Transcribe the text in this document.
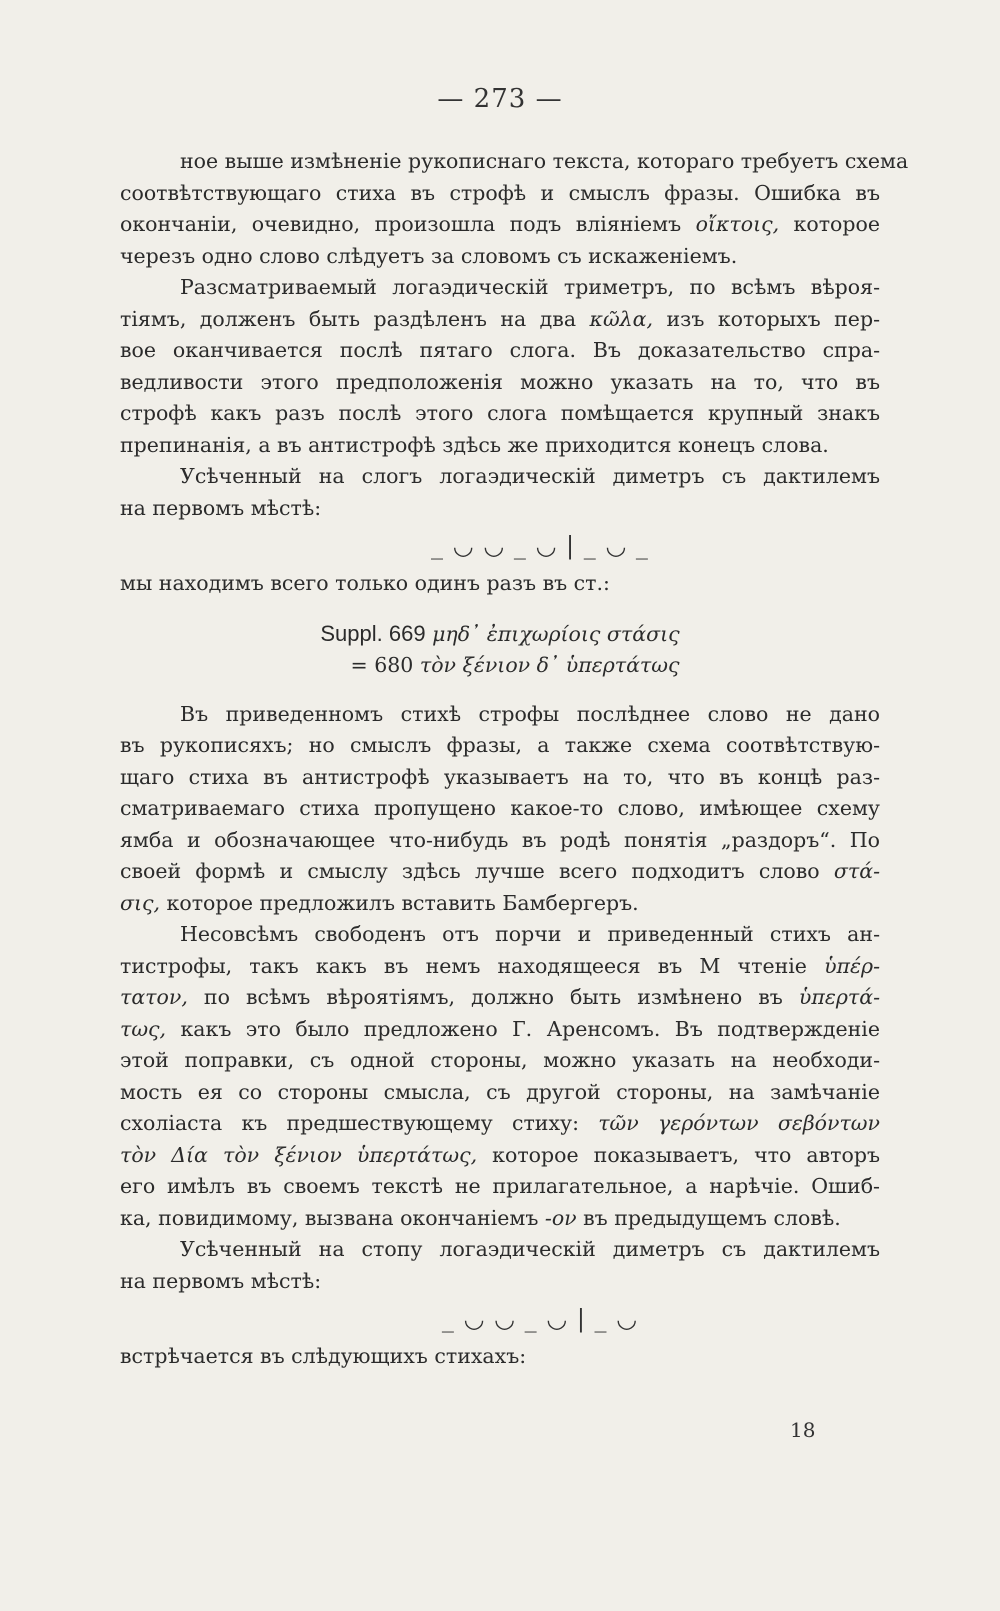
— 273 —
ное выше измѣненіе рукописнаго текста, котораго требуетъ схема
соотвѣтствующаго стиха въ строфѣ и смыслъ фразы. Ошибка въ
окончаніи, очевидно, произошла подъ вліяніемъ οἴκτοις, которое
черезъ одно слово слѣдуетъ за словомъ съ искаженіемъ.
Разсматриваемый логаэдическій триметръ, по всѣмъ вѣроя-
тіямъ, долженъ быть раздѣленъ на два κῶλα, изъ которыхъ пер-
вое оканчивается послѣ пятаго слога. Въ доказательство спра-
ведливости этого предположенія можно указать на то, что въ
строфѣ какъ разъ послѣ этого слога помѣщается крупный знакъ
препинанія, а въ антистрофѣ здѣсь же приходится конецъ слова.
Усѣченный на слогъ логаэдическій диметръ съ дактилемъ
на первомъ мѣстѣ:
_ ◡ ◡ _ ◡ | _ ◡ _
мы находимъ всего только одинъ разъ въ ст.:
Suppl. 669 μηδ᾽ ἐπιχωρίοις στάσις
= 680 τὸν ξένιον δ᾽ ὑπερτάτως
Въ приведенномъ стихѣ строфы послѣднее слово не дано
въ рукописяхъ; но смыслъ фразы, а также схема соотвѣтствую-
щаго стиха въ антистрофѣ указываетъ на то, что въ концѣ раз-
сматриваемаго стиха пропущено какое-то слово, имѣющее схему
ямба и обозначающее что-нибудь въ родѣ понятія „раздоръ“. По
своей формѣ и смыслу здѣсь лучше всего подходитъ слово στά-
σις, которое предложилъ вставить Бамбергеръ.
Несовсѣмъ свободенъ отъ порчи и приведенный стихъ ан-
тистрофы, такъ какъ въ немъ находящееся въ М чтеніе ὑπέρ-
τατον, по всѣмъ вѣроятіямъ, должно быть измѣнено въ ὑπερτά-
τως, какъ это было предложено Г. Аренсомъ. Въ подтвержденіе
этой поправки, съ одной стороны, можно указать на необходи-
мость ея со стороны смысла, съ другой стороны, на замѣчаніе
схоліаста къ предшествующему стиху: τῶν γερόντων σεβόντων
τὸν Δία τὸν ξένιον ὑπερτάτως, которое показываетъ, что авторъ
его имѣлъ въ своемъ текстѣ не прилагательное, а нарѣчіе. Ошиб-
ка, повидимому, вызвана окончаніемъ -ον въ предыдущемъ словѣ.
Усѣченный на стопу логаэдическій диметръ съ дактилемъ
на первомъ мѣстѣ:
_ ◡ ◡ _ ◡ | _ ◡
встрѣчается въ слѣдующихъ стихахъ:
18
